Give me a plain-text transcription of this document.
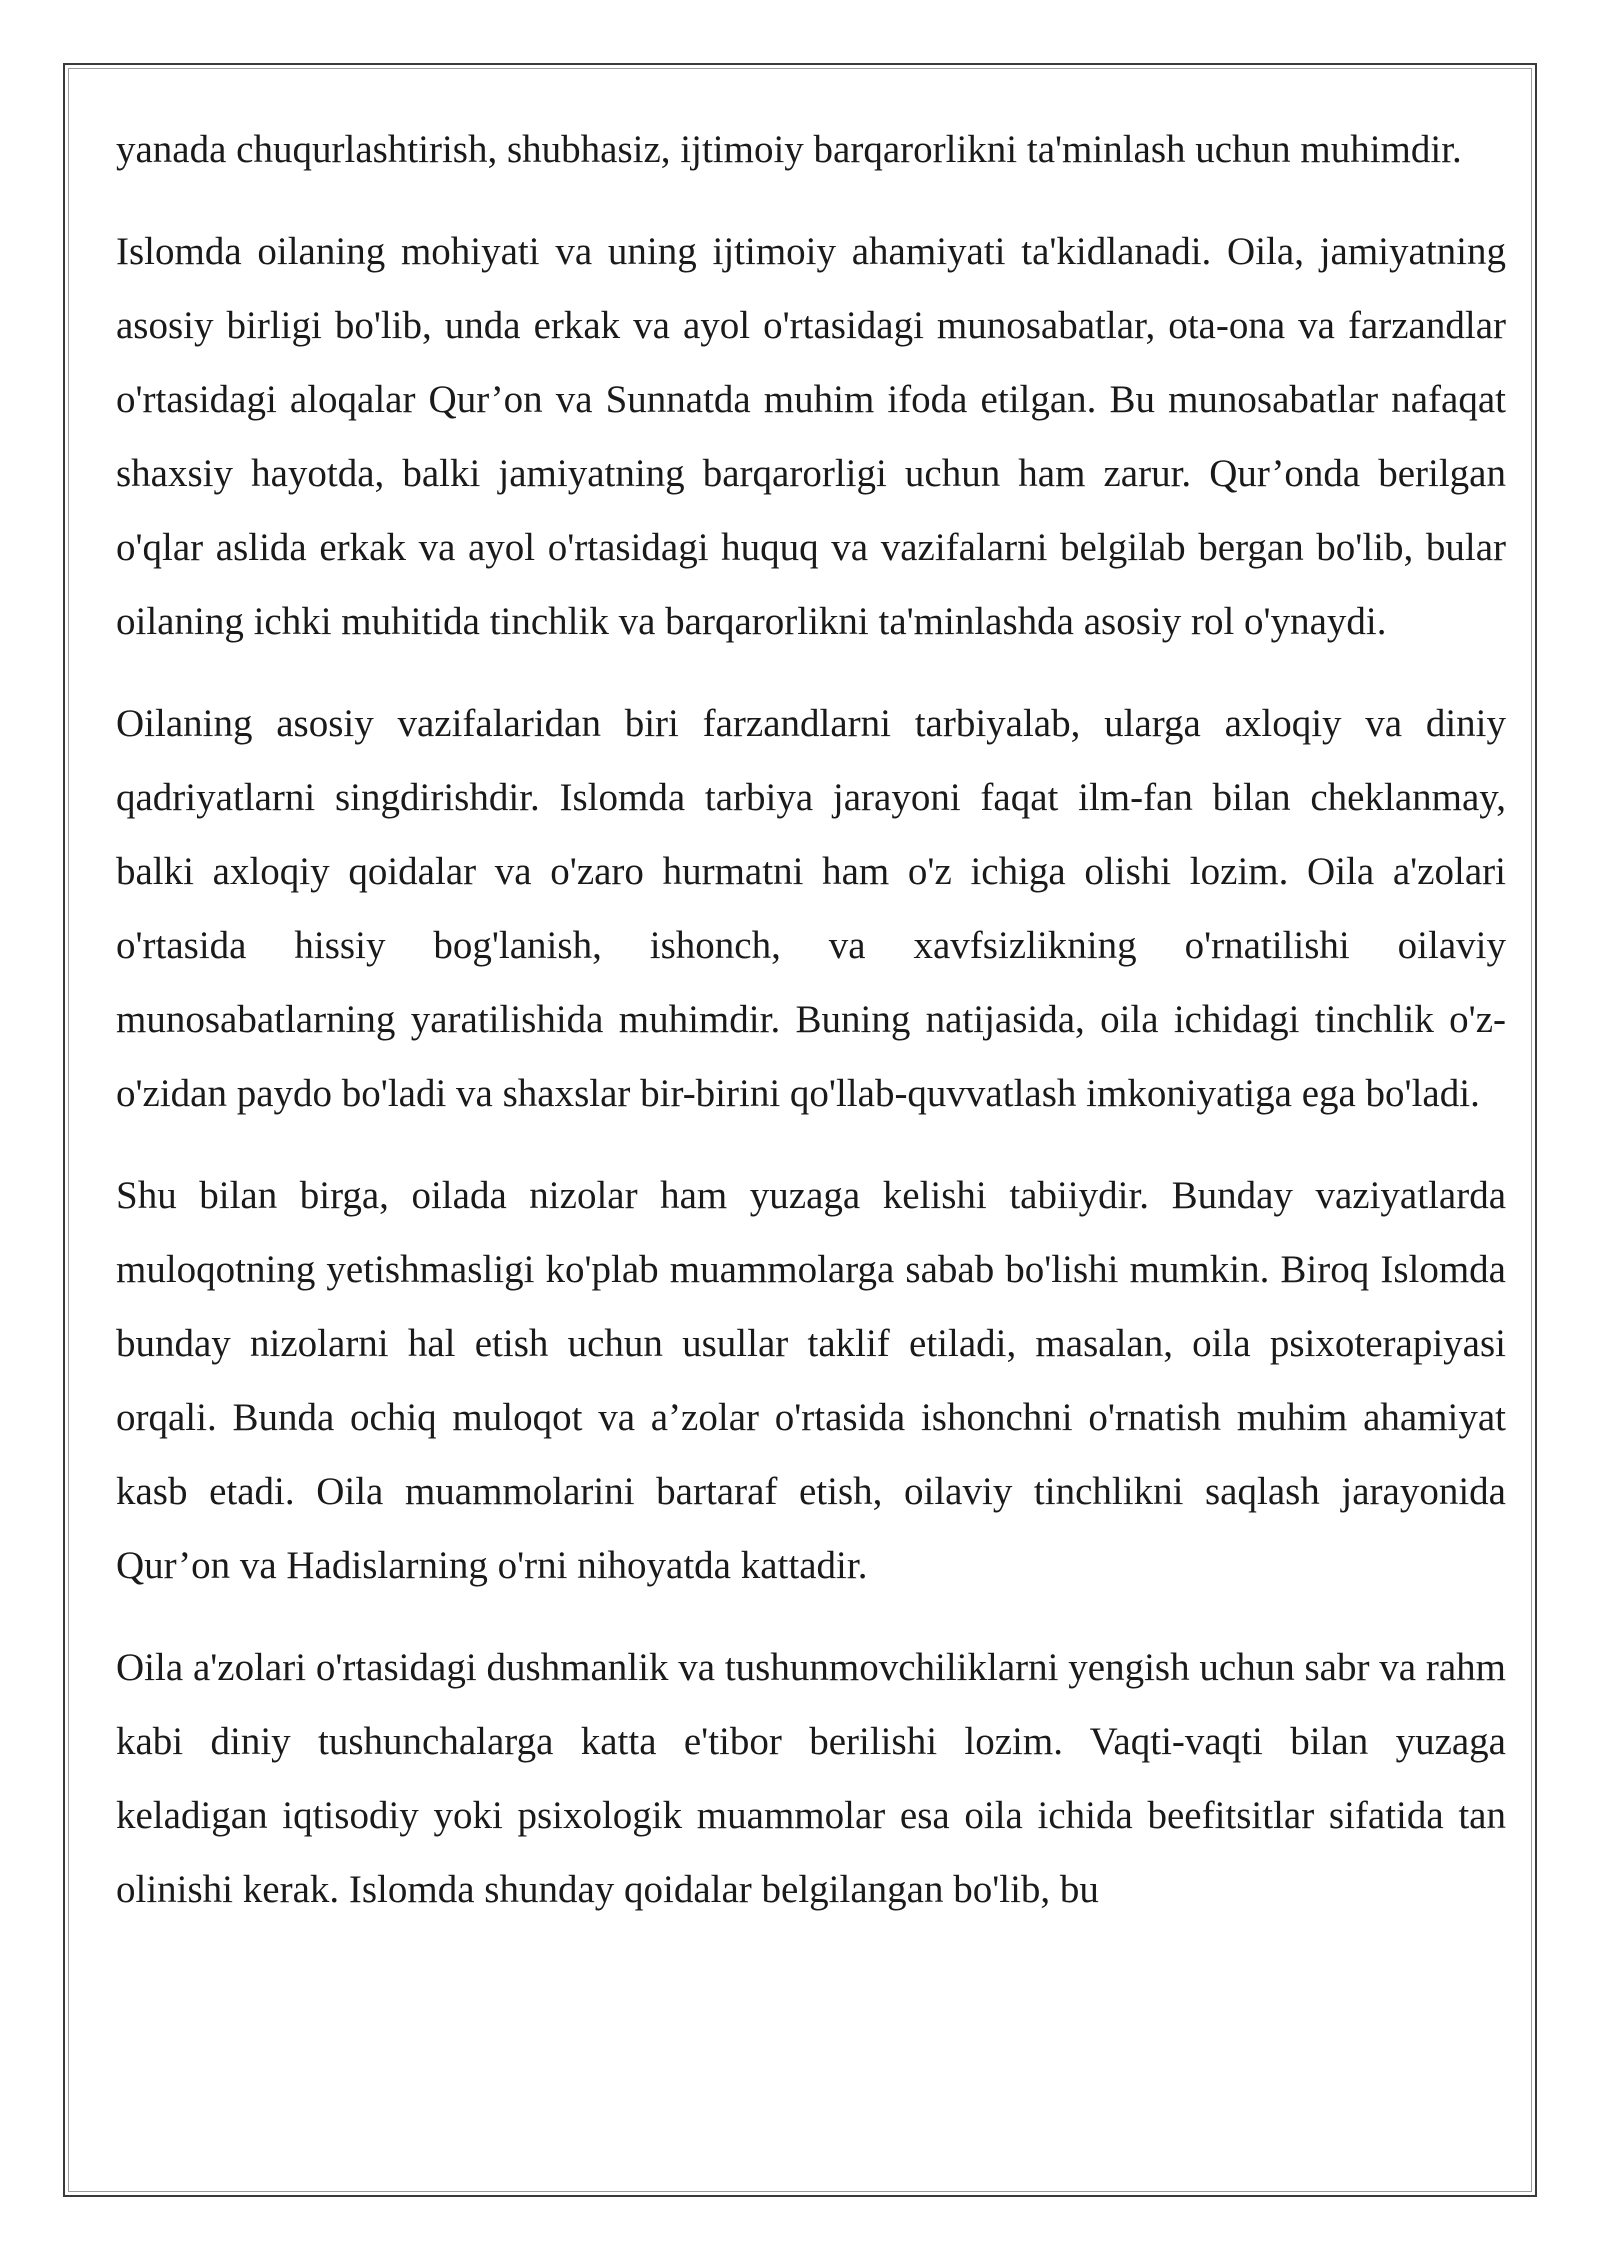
yanada chuqurlashtirish, shubhasiz, ijtimoiy barqarorlikni ta'minlash uchun muhimdir.

Islomda oilaning mohiyati va uning ijtimoiy ahamiyati ta'kidlanadi. Oila, jamiyatning asosiy birligi bo'lib, unda erkak va ayol o'rtasidagi munosabatlar, ota-ona va farzandlar o'rtasidagi aloqalar Qur’on va Sunnatda muhim ifoda etilgan. Bu munosabatlar nafaqat shaxsiy hayotda, balki jamiyatning barqarorligi uchun ham zarur. Qur’onda berilgan o'qlar aslida erkak va ayol o'rtasidagi huquq va vazifalarni belgilab bergan bo'lib, bular oilaning ichki muhitida tinchlik va barqarorlikni ta'minlashda asosiy rol o'ynaydi.

Oilaning asosiy vazifalaridan biri farzandlarni tarbiyalab, ularga axloqiy va diniy qadriyatlarni singdirishdir. Islomda tarbiya jarayoni faqat ilm-fan bilan cheklanmay, balki axloqiy qoidalar va o'zaro hurmatni ham o'z ichiga olishi lozim. Oila a'zolari o'rtasida hissiy bog'lanish, ishonch, va xavfsizlikning o'rnatilishi oilaviy munosabatlarning yaratilishida muhimdir. Buning natijasida, oila ichidagi tinchlik o'z-o'zidan paydo bo'ladi va shaxslar bir-birini qo'llab-quvvatlash imkoniyatiga ega bo'ladi.

Shu bilan birga, oilada nizolar ham yuzaga kelishi tabiiydir. Bunday vaziyatlarda muloqotning yetishmasligi ko'plab muammolarga sabab bo'lishi mumkin. Biroq Islomda bunday nizolarni hal etish uchun usullar taklif etiladi, masalan, oila psixoterapiyasi orqali. Bunda ochiq muloqot va a’zolar o'rtasida ishonchni o'rnatish muhim ahamiyat kasb etadi. Oila muammolarini bartaraf etish, oilaviy tinchlikni saqlash jarayonida Qur’on va Hadislarning o'rni nihoyatda kattadir.

Oila a'zolari o'rtasidagi dushmanlik va tushunmovchiliklarni yengish uchun sabr va rahm kabi diniy tushunchalarga katta e'tibor berilishi lozim. Vaqti-vaqti bilan yuzaga keladigan iqtisodiy yoki psixologik muammolar esa oila ichida beefitsitlar sifatida tan olinishi kerak. Islomda shunday qoidalar belgilangan bo'lib, bu
